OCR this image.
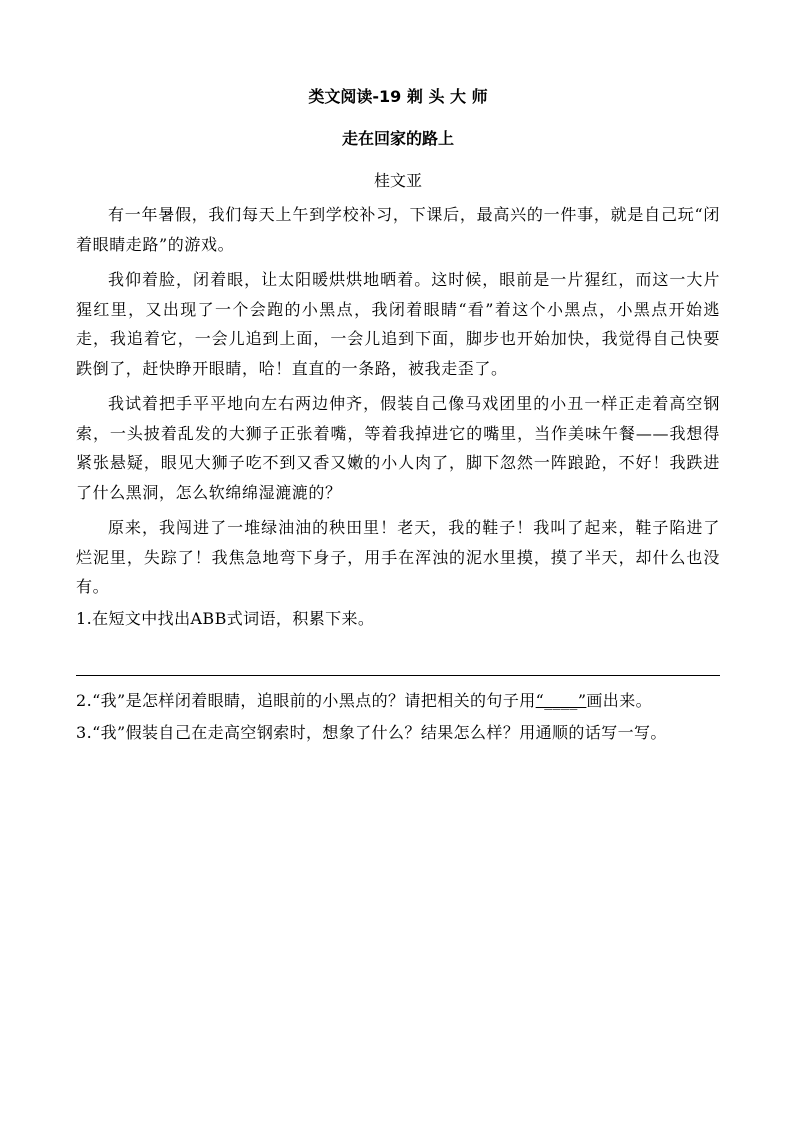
类文阅读-19 剃 头 大 师
走在回家的路上
桂文亚

有一年暑假，我们每天上午到学校补习，下课后，最高兴的一件事，就是自己玩“闭着眼睛走路”的游戏。

我仰着脸，闭着眼，让太阳暖烘烘地晒着。这时候，眼前是一片猩红，而这一大片猩红里，又出现了一个会跑的小黑点，我闭着眼睛“看”着这个小黑点，小黑点开始逃走，我追着它，一会儿追到上面，一会儿追到下面，脚步也开始加快，我觉得自己快要跌倒了，赶快睁开眼睛，哈！直直的一条路，被我走歪了。

我试着把手平平地向左右两边伸齐，假装自己像马戏团里的小丑一样正走着高空钢索，一头披着乱发的大狮子正张着嘴，等着我掉进它的嘴里，当作美味午餐——我想得紧张悬疑，眼见大狮子吃不到又香又嫩的小人肉了，脚下忽然一阵踉跄，不好！我跌进了什么黑洞，怎么软绵绵湿漉漉的？

原来，我闯进了一堆绿油油的秧田里！老天，我的鞋子！我叫了起来，鞋子陷进了烂泥里，失踪了！我焦急地弯下身子，用手在浑浊的泥水里摸，摸了半天，却什么也没有。

1.在短文中找出ABB式词语，积累下来。

2.“我”是怎样闭着眼睛，追眼前的小黑点的？请把相关的句子用“____”画出来。

3.“我”假装自己在走高空钢索时，想象了什么？结果怎么样？用通顺的话写一写。
